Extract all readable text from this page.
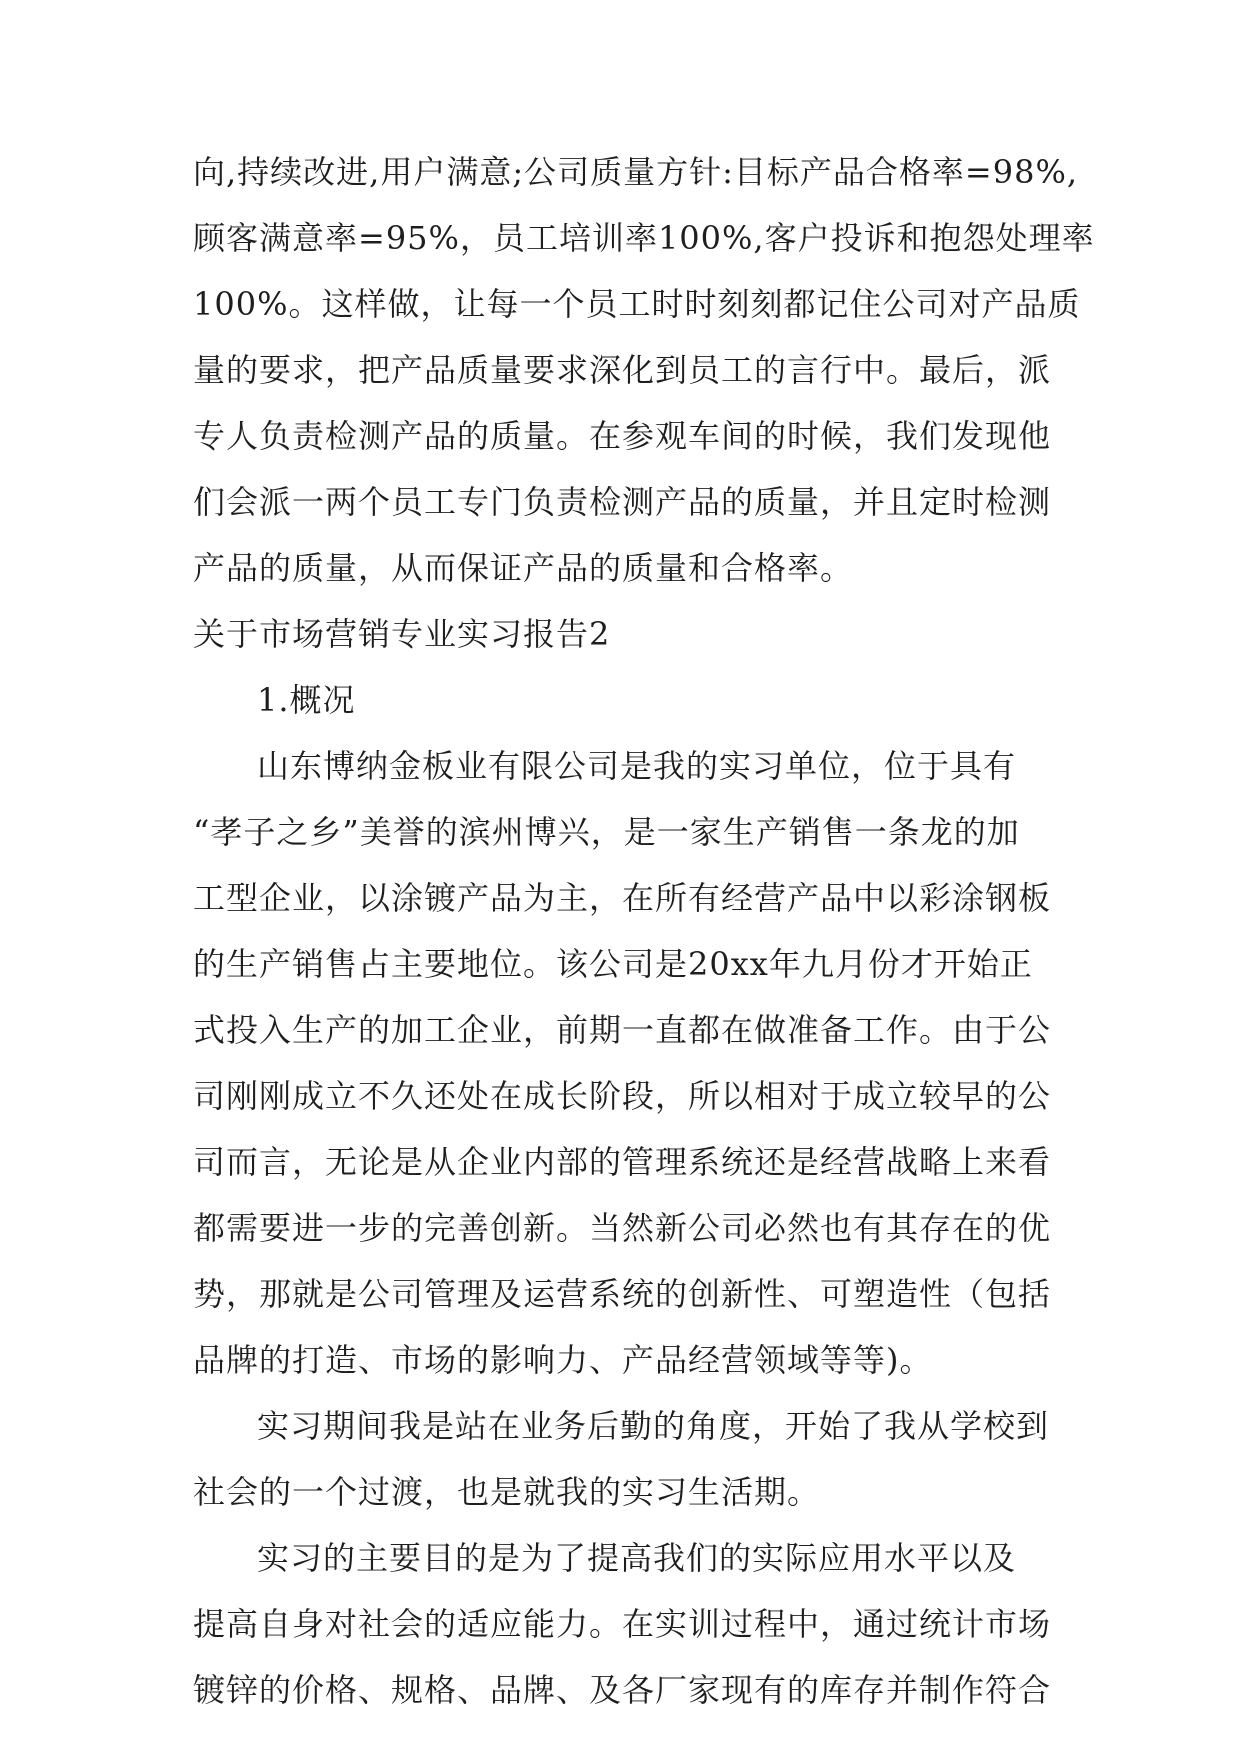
向,持续改进,用户满意;公司质量方针:目标产品合格率=98%,
顾客满意率=95%，员工培训率100%,客户投诉和抱怨处理率
100%。这样做，让每一个员工时时刻刻都记住公司对产品质
量的要求，把产品质量要求深化到员工的言行中。最后，派
专人负责检测产品的质量。在参观车间的时候，我们发现他
们会派一两个员工专门负责检测产品的质量，并且定时检测
产品的质量，从而保证产品的质量和合格率。
关于市场营销专业实习报告2
1.概况
山东博纳金板业有限公司是我的实习单位，位于具有
“孝子之乡”美誉的滨州博兴，是一家生产销售一条龙的加
工型企业，以涂镀产品为主，在所有经营产品中以彩涂钢板
的生产销售占主要地位。该公司是20xx年九月份才开始正
式投入生产的加工企业，前期一直都在做准备工作。由于公
司刚刚成立不久还处在成长阶段，所以相对于成立较早的公
司而言，无论是从企业内部的管理系统还是经营战略上来看
都需要进一步的完善创新。当然新公司必然也有其存在的优
势，那就是公司管理及运营系统的创新性、可塑造性（包括
品牌的打造、市场的影响力、产品经营领域等等)。
实习期间我是站在业务后勤的角度，开始了我从学校到
社会的一个过渡，也是就我的实习生活期。
实习的主要目的是为了提高我们的实际应用水平以及
提高自身对社会的适应能力。在实训过程中，通过统计市场
镀锌的价格、规格、品牌、及各厂家现有的库存并制作符合
